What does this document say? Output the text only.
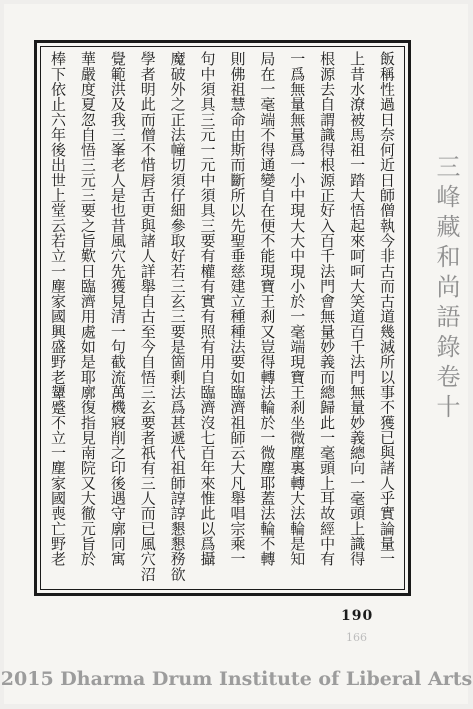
飯稱性過日奈何近日師僧執今非古而古道幾滅所以事不獲已與諸人乎實論量一
上昔水潦被馬祖一踏大悟起來呵呵大笑道百千法門無量妙義總向一毫頭上識得
根源去自謂識得根源正好入百千法門會無量妙義而總歸此一毫頭上耳故經中有
一爲無量無量爲一小中現大大中現小於一毫端現寶王刹坐微塵裏轉大法輪是知
局在一毫端不得通變自在便不能現寶王刹又豈得轉法輪於一微塵耶蓋法輪不轉
則佛祖慧命由斯而斷所以先聖垂慈建立種種法要如臨濟祖師云大凡舉唱宗乘一
句中須具三元一元中須具三要有權有實有照有用自臨濟沒七百年來惟此以爲攝
魔破外之正法幢切須仔細參取好若三玄三要是箇剩法爲甚遞代祖師諄諄懇懇務欲
學者明此而僧不惜唇舌更與諸人詳舉自古至今自悟三玄要者祇有三人而已風穴沼
覺範洪及我三峯老人是也昔風穴先獲見清一句截流萬機寢削之印後遇守廓同寓
華嚴度夏忽自悟三元三要之旨歎日臨濟用處如是耶廓復指見南院又大徹元旨於
棒下依止六年後出世上堂云若立一塵家國興盛野老顰蹙不立一塵家國喪亡野老	三峰藏和尚語錄卷十
190
166
2015 Dharma Drum Institute of Liberal Arts
